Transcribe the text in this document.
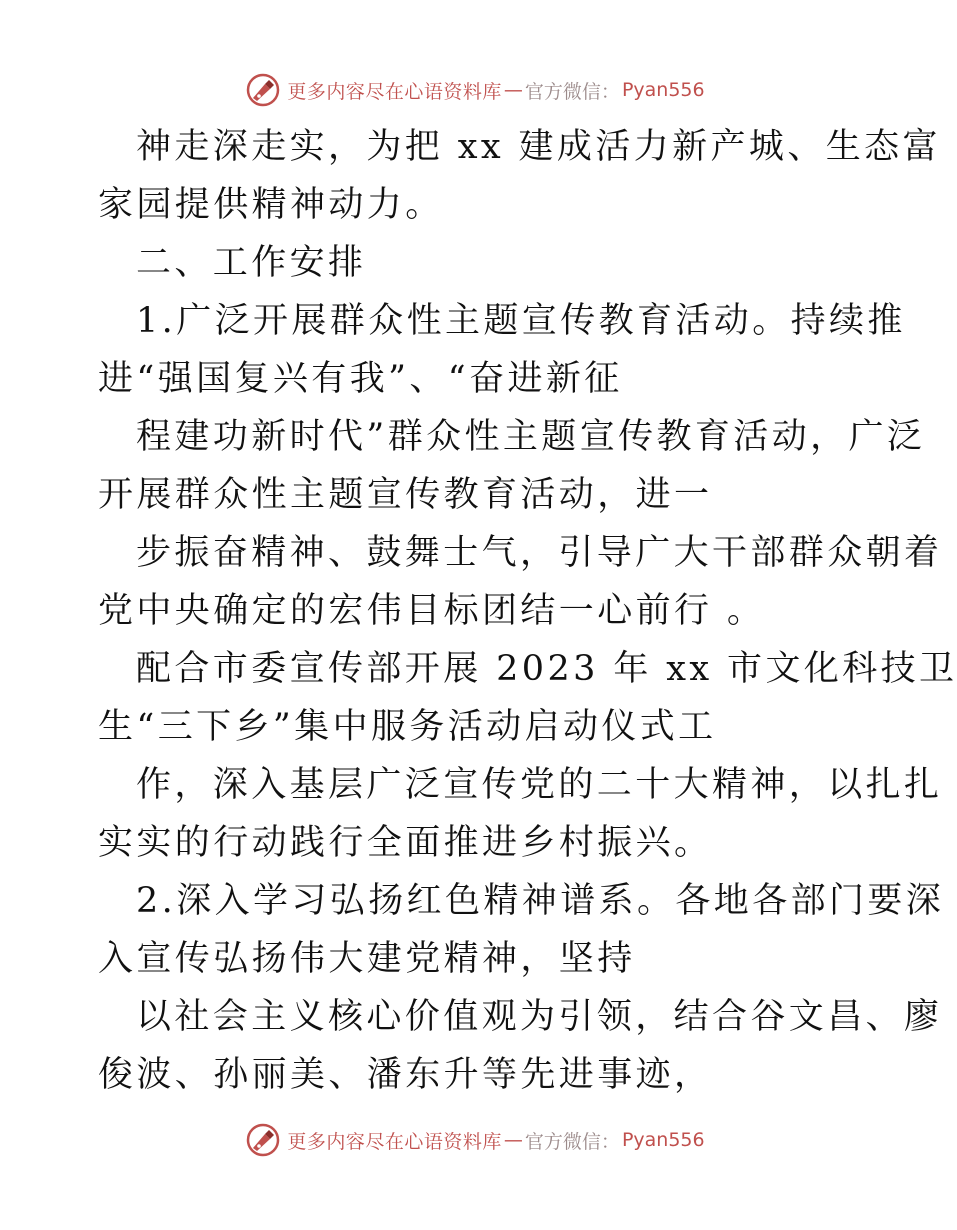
更多内容尽在心语资料库 — 官方微信： Pyan556
神走深走实，为把 xx 建成活力新产城、生态富
家园提供精神动力。
二、工作安排
1.广泛开展群众性主题宣传教育活动。持续推
进“强国复兴有我”、“奋进新征
程建功新时代”群众性主题宣传教育活动，广泛
开展群众性主题宣传教育活动，进一
步振奋精神、鼓舞士气，引导广大干部群众朝着
党中央确定的宏伟目标团结一心前行 。
配合市委宣传部开展 2023 年 xx 市文化科技卫
生“三下乡”集中服务活动启动仪式工
作，深入基层广泛宣传党的二十大精神，以扎扎
实实的行动践行全面推进乡村振兴。
2.深入学习弘扬红色精神谱系。各地各部门要深
入宣传弘扬伟大建党精神，坚持
以社会主义核心价值观为引领，结合谷文昌、廖
俊波、孙丽美、潘东升等先进事迹，
更多内容尽在心语资料库 — 官方微信： Pyan556
